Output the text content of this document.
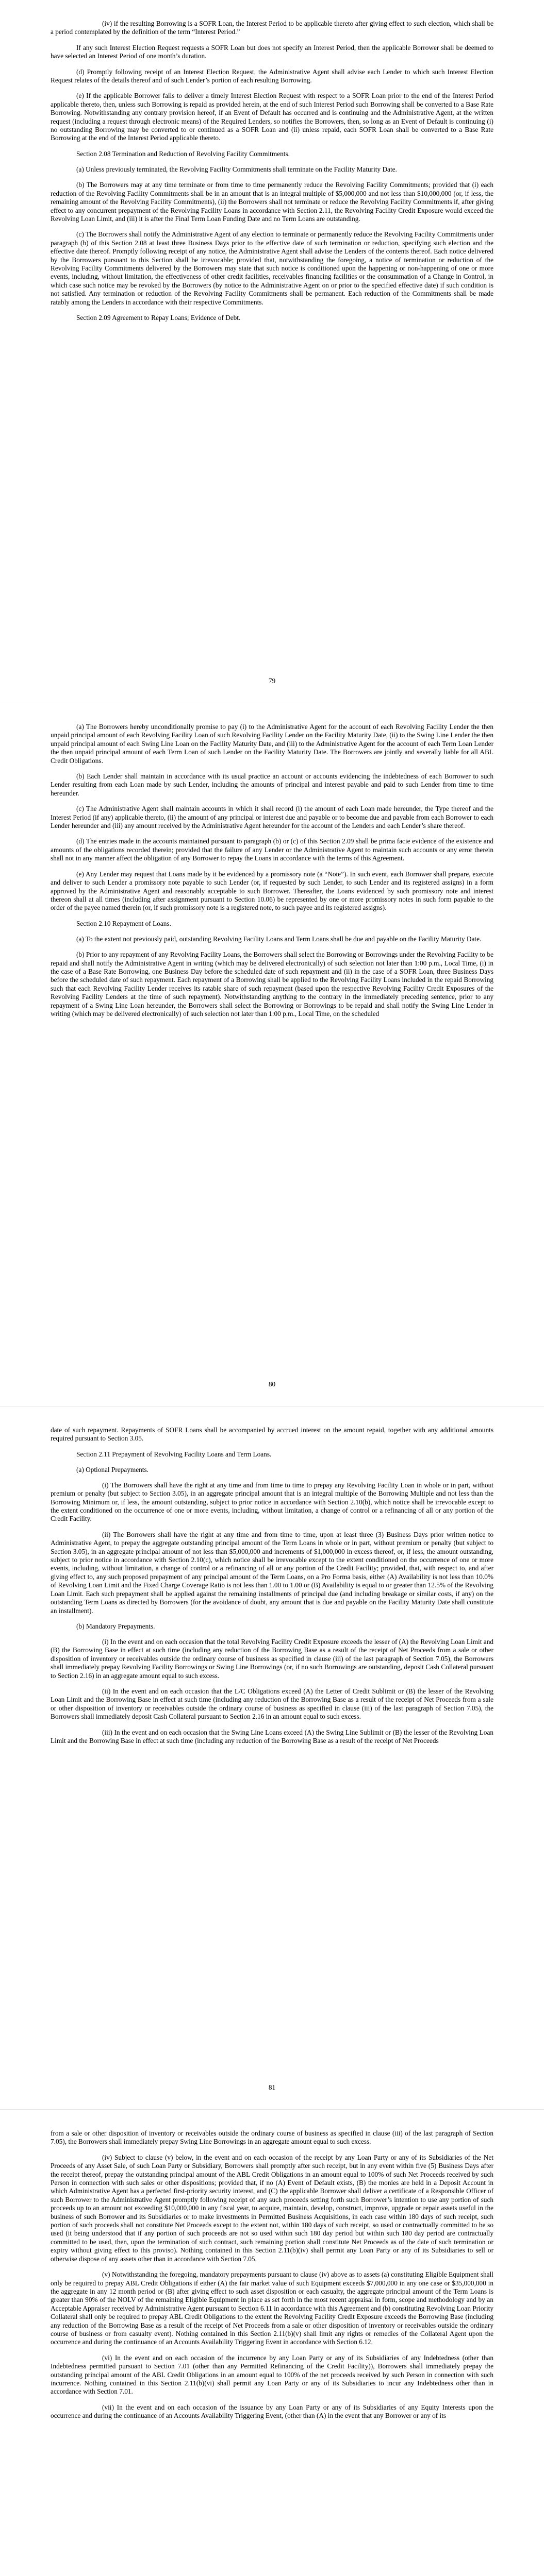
(iv) if the resulting Borrowing is a SOFR Loan, the Interest Period to be applicable thereto after giving effect to such election, which shall be a period contemplated by the definition of the term “Interest Period.”

If any such Interest Election Request requests a SOFR Loan but does not specify an Interest Period, then the applicable Borrower shall be deemed to have selected an Interest Period of one month’s duration.

(d) Promptly following receipt of an Interest Election Request, the Administrative Agent shall advise each Lender to which such Interest Election Request relates of the details thereof and of such Lender’s portion of each resulting Borrowing.

(e) If the applicable Borrower fails to deliver a timely Interest Election Request with respect to a SOFR Loan prior to the end of the Interest Period applicable thereto, then, unless such Borrowing is repaid as provided herein, at the end of such Interest Period such Borrowing shall be converted to a Base Rate Borrowing. Notwithstanding any contrary provision hereof, if an Event of Default has occurred and is continuing and the Administrative Agent, at the written request (including a request through electronic means) of the Required Lenders, so notifies the Borrowers, then, so long as an Event of Default is continuing (i) no outstanding Borrowing may be converted to or continued as a SOFR Loan and (ii) unless repaid, each SOFR Loan shall be converted to a Base Rate Borrowing at the end of the Interest Period applicable thereto.

Section 2.08 Termination and Reduction of Revolving Facility Commitments.

(a) Unless previously terminated, the Revolving Facility Commitments shall terminate on the Facility Maturity Date.

(b) The Borrowers may at any time terminate or from time to time permanently reduce the Revolving Facility Commitments; provided that (i) each reduction of the Revolving Facility Commitments shall be in an amount that is an integral multiple of $5,000,000 and not less than $10,000,000 (or, if less, the remaining amount of the Revolving Facility Commitments), (ii) the Borrowers shall not terminate or reduce the Revolving Facility Commitments if, after giving effect to any concurrent prepayment of the Revolving Facility Loans in accordance with Section 2.11, the Revolving Facility Credit Exposure would exceed the Revolving Loan Limit, and (iii) it is after the Final Term Loan Funding Date and no Term Loans are outstanding.

(c) The Borrowers shall notify the Administrative Agent of any election to terminate or permanently reduce the Revolving Facility Commitments under paragraph (b) of this Section 2.08 at least three Business Days prior to the effective date of such termination or reduction, specifying such election and the effective date thereof. Promptly following receipt of any notice, the Administrative Agent shall advise the Lenders of the contents thereof. Each notice delivered by the Borrowers pursuant to this Section shall be irrevocable; provided that, notwithstanding the foregoing, a notice of termination or reduction of the Revolving Facility Commitments delivered by the Borrowers may state that such notice is conditioned upon the happening or non-happening of one or more events, including, without limitation, the effectiveness of other credit facilities, receivables financing facilities or the consummation of a Change in Control, in which case such notice may be revoked by the Borrowers (by notice to the Administrative Agent on or prior to the specified effective date) if such condition is not satisfied. Any termination or reduction of the Revolving Facility Commitments shall be permanent. Each reduction of the Commitments shall be made ratably among the Lenders in accordance with their respective Commitments.

Section 2.09 Agreement to Repay Loans; Evidence of Debt.

79

(a) The Borrowers hereby unconditionally promise to pay (i) to the Administrative Agent for the account of each Revolving Facility Lender the then unpaid principal amount of each Revolving Facility Loan of such Revolving Facility Lender on the Facility Maturity Date, (ii) to the Swing Line Lender the then unpaid principal amount of each Swing Line Loan on the Facility Maturity Date, and (iii) to the Administrative Agent for the account of each Term Loan Lender the then unpaid principal amount of each Term Loan of such Lender on the Facility Maturity Date. The Borrowers are jointly and severally liable for all ABL Credit Obligations.

(b) Each Lender shall maintain in accordance with its usual practice an account or accounts evidencing the indebtedness of each Borrower to such Lender resulting from each Loan made by such Lender, including the amounts of principal and interest payable and paid to such Lender from time to time hereunder.

(c) The Administrative Agent shall maintain accounts in which it shall record (i) the amount of each Loan made hereunder, the Type thereof and the Interest Period (if any) applicable thereto, (ii) the amount of any principal or interest due and payable or to become due and payable from each Borrower to each Lender hereunder and (iii) any amount received by the Administrative Agent hereunder for the account of the Lenders and each Lender’s share thereof.

(d) The entries made in the accounts maintained pursuant to paragraph (b) or (c) of this Section 2.09 shall be prima facie evidence of the existence and amounts of the obligations recorded therein; provided that the failure of any Lender or the Administrative Agent to maintain such accounts or any error therein shall not in any manner affect the obligation of any Borrower to repay the Loans in accordance with the terms of this Agreement.

(e) Any Lender may request that Loans made by it be evidenced by a promissory note (a “Note”). In such event, each Borrower shall prepare, execute and deliver to such Lender a promissory note payable to such Lender (or, if requested by such Lender, to such Lender and its registered assigns) in a form approved by the Administrative Agent and reasonably acceptable to such Borrower. Thereafter, the Loans evidenced by such promissory note and interest thereon shall at all times (including after assignment pursuant to Section 10.06) be represented by one or more promissory notes in such form payable to the order of the payee named therein (or, if such promissory note is a registered note, to such payee and its registered assigns).

Section 2.10 Repayment of Loans.

(a) To the extent not previously paid, outstanding Revolving Facility Loans and Term Loans shall be due and payable on the Facility Maturity Date.

(b) Prior to any repayment of any Revolving Facility Loans, the Borrowers shall select the Borrowing or Borrowings under the Revolving Facility to be repaid and shall notify the Administrative Agent in writing (which may be delivered electronically) of such selection not later than 1:00 p.m., Local Time, (i) in the case of a Base Rate Borrowing, one Business Day before the scheduled date of such repayment and (ii) in the case of a SOFR Loan, three Business Days before the scheduled date of such repayment. Each repayment of a Borrowing shall be applied to the Revolving Facility Loans included in the repaid Borrowing such that each Revolving Facility Lender receives its ratable share of such repayment (based upon the respective Revolving Facility Credit Exposures of the Revolving Facility Lenders at the time of such repayment). Notwithstanding anything to the contrary in the immediately preceding sentence, prior to any repayment of a Swing Line Loan hereunder, the Borrowers shall select the Borrowing or Borrowings to be repaid and shall notify the Swing Line Lender in writing (which may be delivered electronically) of such selection not later than 1:00 p.m., Local Time, on the scheduled

80

date of such repayment. Repayments of SOFR Loans shall be accompanied by accrued interest on the amount repaid, together with any additional amounts required pursuant to Section 3.05.

Section 2.11 Prepayment of Revolving Facility Loans and Term Loans.

(a) Optional Prepayments.

(i) The Borrowers shall have the right at any time and from time to time to prepay any Revolving Facility Loan in whole or in part, without premium or penalty (but subject to Section 3.05), in an aggregate principal amount that is an integral multiple of the Borrowing Multiple and not less than the Borrowing Minimum or, if less, the amount outstanding, subject to prior notice in accordance with Section 2.10(b), which notice shall be irrevocable except to the extent conditioned on the occurrence of one or more events, including, without limitation, a change of control or a refinancing of all or any portion of the Credit Facility.

(ii) The Borrowers shall have the right at any time and from time to time, upon at least three (3) Business Days prior written notice to Administrative Agent, to prepay the aggregate outstanding principal amount of the Term Loans in whole or in part, without premium or penalty (but subject to Section 3.05), in an aggregate principal amount of not less than $5,000,000 and increments of $1,000,000 in excess thereof, or, if less, the amount outstanding, subject to prior notice in accordance with Section 2.10(c), which notice shall be irrevocable except to the extent conditioned on the occurrence of one or more events, including, without limitation, a change of control or a refinancing of all or any portion of the Credit Facility; provided, that, with respect to, and after giving effect to, any such proposed prepayment of any principal amount of the Term Loans, on a Pro Forma basis, either (A) Availability is not less than 10.0% of Revolving Loan Limit and the Fixed Charge Coverage Ratio is not less than 1.00 to 1.00 or (B) Availability is equal to or greater than 12.5% of the Revolving Loan Limit. Each such prepayment shall be applied against the remaining installments of principal due (and including breakage or similar costs, if any) on the outstanding Term Loans as directed by Borrowers (for the avoidance of doubt, any amount that is due and payable on the Facility Maturity Date shall constitute an installment).

(b) Mandatory Prepayments.

(i) In the event and on each occasion that the total Revolving Facility Credit Exposure exceeds the lesser of (A) the Revolving Loan Limit and (B) the Borrowing Base in effect at such time (including any reduction of the Borrowing Base as a result of the receipt of Net Proceeds from a sale or other disposition of inventory or receivables outside the ordinary course of business as specified in clause (iii) of the last paragraph of Section 7.05), the Borrowers shall immediately prepay Revolving Facility Borrowings or Swing Line Borrowings (or, if no such Borrowings are outstanding, deposit Cash Collateral pursuant to Section 2.16) in an aggregate amount equal to such excess.

(ii) In the event and on each occasion that the L/C Obligations exceed (A) the Letter of Credit Sublimit or (B) the lesser of the Revolving Loan Limit and the Borrowing Base in effect at such time (including any reduction of the Borrowing Base as a result of the receipt of Net Proceeds from a sale or other disposition of inventory or receivables outside the ordinary course of business as specified in clause (iii) of the last paragraph of Section 7.05), the Borrowers shall immediately deposit Cash Collateral pursuant to Section 2.16 in an amount equal to such excess.

(iii) In the event and on each occasion that the Swing Line Loans exceed (A) the Swing Line Sublimit or (B) the lesser of the Revolving Loan Limit and the Borrowing Base in effect at such time (including any reduction of the Borrowing Base as a result of the receipt of Net Proceeds

81

from a sale or other disposition of inventory or receivables outside the ordinary course of business as specified in clause (iii) of the last paragraph of Section 7.05), the Borrowers shall immediately prepay Swing Line Borrowings in an aggregate amount equal to such excess.

(iv) Subject to clause (v) below, in the event and on each occasion of the receipt by any Loan Party or any of its Subsidiaries of the Net Proceeds of any Asset Sale, of such Loan Party or Subsidiary, Borrowers shall promptly after such receipt, but in any event within five (5) Business Days after the receipt thereof, prepay the outstanding principal amount of the ABL Credit Obligations in an amount equal to 100% of such Net Proceeds received by such Person in connection with such sales or other dispositions; provided that, if no (A) Event of Default exists, (B) the monies are held in a Deposit Account in which Administrative Agent has a perfected first-priority security interest, and (C) the applicable Borrower shall deliver a certificate of a Responsible Officer of such Borrower to the Administrative Agent promptly following receipt of any such proceeds setting forth such Borrower’s intention to use any portion of such proceeds up to an amount not exceeding $10,000,000 in any fiscal year, to acquire, maintain, develop, construct, improve, upgrade or repair assets useful in the business of such Borrower and its Subsidiaries or to make investments in Permitted Business Acquisitions, in each case within 180 days of such receipt, such portion of such proceeds shall not constitute Net Proceeds except to the extent not, within 180 days of such receipt, so used or contractually committed to be so used (it being understood that if any portion of such proceeds are not so used within such 180 day period but within such 180 day period are contractually committed to be used, then, upon the termination of such contract, such remaining portion shall constitute Net Proceeds as of the date of such termination or expiry without giving effect to this proviso). Nothing contained in this Section 2.11(b)(iv) shall permit any Loan Party or any of its Subsidiaries to sell or otherwise dispose of any assets other than in accordance with Section 7.05.

(v) Notwithstanding the foregoing, mandatory prepayments pursuant to clause (iv) above as to assets (a) constituting Eligible Equipment shall only be required to prepay ABL Credit Obligations if either (A) the fair market value of such Equipment exceeds $7,000,000 in any one case or $35,000,000 in the aggregate in any 12 month period or (B) after giving effect to such asset disposition or each casualty, the aggregate principal amount of the Term Loans is greater than 90% of the NOLV of the remaining Eligible Equipment in place as set forth in the most recent appraisal in form, scope and methodology and by an Acceptable Appraiser received by Administrative Agent pursuant to Section 6.11 in accordance with this Agreement and (b) constituting Revolving Loan Priority Collateral shall only be required to prepay ABL Credit Obligations to the extent the Revolving Facility Credit Exposure exceeds the Borrowing Base (including any reduction of the Borrowing Base as a result of the receipt of Net Proceeds from a sale or other disposition of inventory or receivables outside the ordinary course of business or from casualty event). Nothing contained in this Section 2.11(b)(v) shall limit any rights or remedies of the Collateral Agent upon the occurrence and during the continuance of an Accounts Availability Triggering Event in accordance with Section 6.12.

(vi) In the event and on each occasion of the incurrence by any Loan Party or any of its Subsidiaries of any Indebtedness (other than Indebtedness permitted pursuant to Section 7.01 (other than any Permitted Refinancing of the Credit Facility)), Borrowers shall immediately prepay the outstanding principal amount of the ABL Credit Obligations in an amount equal to 100% of the net proceeds received by such Person in connection with such incurrence. Nothing contained in this Section 2.11(b)(vi) shall permit any Loan Party or any of its Subsidiaries to incur any Indebtedness other than in accordance with Section 7.01.

(vii) In the event and on each occasion of the issuance by any Loan Party or any of its Subsidiaries of any Equity Interests upon the occurrence and during the continuance of an Accounts Availability Triggering Event, (other than (A) in the event that any Borrower or any of its
